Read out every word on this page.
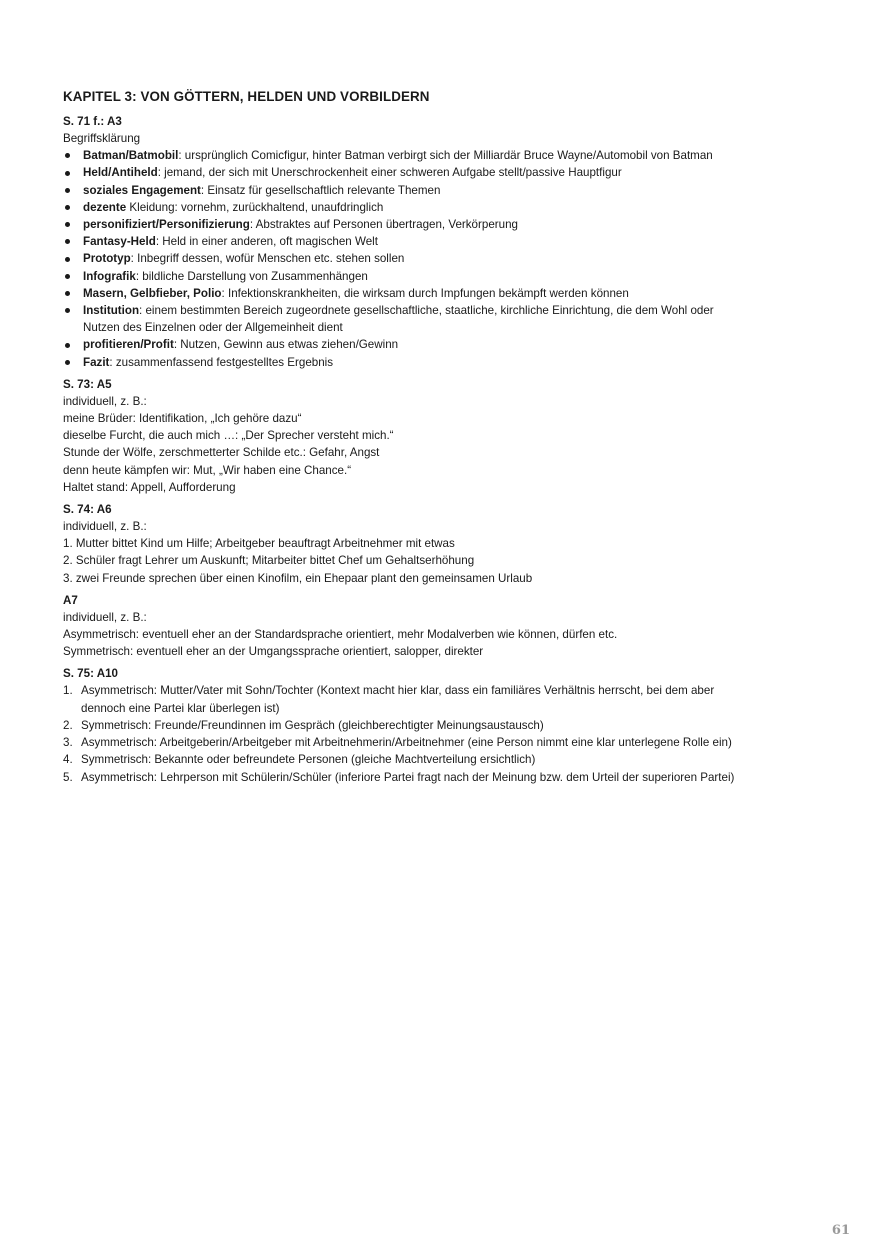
KAPITEL 3: VON GÖTTERN, HELDEN UND VORBILDERN
S. 71 f.: A3
Begriffsklärung
Batman/Batmobil: ursprünglich Comicfigur, hinter Batman verbirgt sich der Milliardär Bruce Wayne/Automobil von Batman
Held/Antiheld: jemand, der sich mit Unerschrockenheit einer schweren Aufgabe stellt/passive Hauptfigur
soziales Engagement: Einsatz für gesellschaftlich relevante Themen
dezente Kleidung: vornehm, zurückhaltend, unaufdringlich
personifiziert/Personifizierung: Abstraktes auf Personen übertragen, Verkörperung
Fantasy-Held: Held in einer anderen, oft magischen Welt
Prototyp: Inbegriff dessen, wofür Menschen etc. stehen sollen
Infografik: bildliche Darstellung von Zusammenhängen
Masern, Gelbfieber, Polio: Infektionskrankheiten, die wirksam durch Impfungen bekämpft werden können
Institution: einem bestimmten Bereich zugeordnete gesellschaftliche, staatliche, kirchliche Einrichtung, die dem Wohl oder
Nutzen des Einzelnen oder der Allgemeinheit dient
profitieren/Profit: Nutzen, Gewinn aus etwas ziehen/Gewinn
Fazit: zusammenfassend festgestelltes Ergebnis
S. 73: A5
individuell, z. B.:
meine Brüder: Identifikation, „Ich gehöre dazu“
dieselbe Furcht, die auch mich …: „Der Sprecher versteht mich.“
Stunde der Wölfe, zerschmetterter Schilde etc.: Gefahr, Angst
denn heute kämpfen wir: Mut, „Wir haben eine Chance.“
Haltet stand: Appell, Aufforderung
S. 74: A6
individuell, z. B.:
1. Mutter bittet Kind um Hilfe; Arbeitgeber beauftragt Arbeitnehmer mit etwas
2. Schüler fragt Lehrer um Auskunft; Mitarbeiter bittet Chef um Gehaltserhöhung
3. zwei Freunde sprechen über einen Kinofilm, ein Ehepaar plant den gemeinsamen Urlaub
A7
individuell, z. B.:
Asymmetrisch: eventuell eher an der Standardsprache orientiert, mehr Modalverben wie können, dürfen etc.
Symmetrisch: eventuell eher an der Umgangssprache orientiert, salopper, direkter
S. 75: A10
1. Asymmetrisch: Mutter/Vater mit Sohn/Tochter (Kontext macht hier klar, dass ein familiäres Verhältnis herrscht, bei dem aber
dennoch eine Partei klar überlegen ist)
2. Symmetrisch: Freunde/Freundinnen im Gespräch (gleichberechtigter Meinungsaustausch)
3. Asymmetrisch: Arbeitgeberin/Arbeitgeber mit Arbeitnehmerin/Arbeitnehmer (eine Person nimmt eine klar unterlegene Rolle ein)
4. Symmetrisch: Bekannte oder befreundete Personen (gleiche Machtverteilung ersichtlich)
5. Asymmetrisch: Lehrperson mit Schülerin/Schüler (inferiore Partei fragt nach der Meinung bzw. dem Urteil der superioren Partei)
61
